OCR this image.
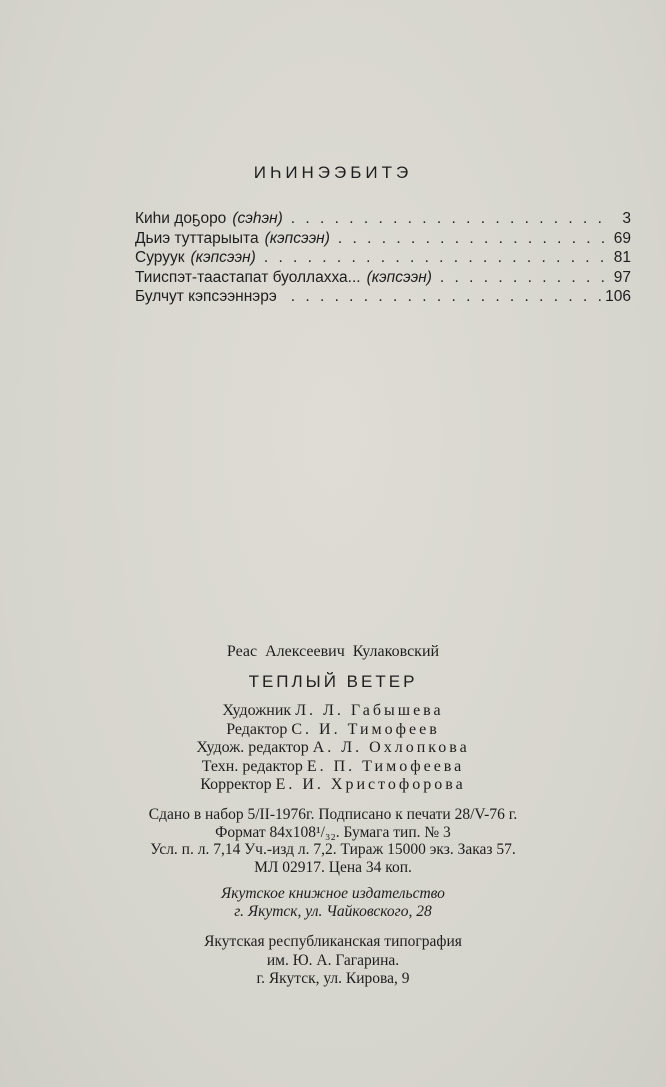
ИҺИНЭЭБИТЭ
Киһи доҕоро (сэһэн) . . .	3
Дьиэ туттарыыта (кэпсээн) . . .	69
Суруук (кэпсээн) . . .	81
Тииспэт-таастапат буоллахха... (кэпсээн) . . .	97
Булчут кэпсээннэрэ . . .	106
Реас Алексеевич Кулаковский
ТЕПЛЫЙ ВЕТЕР
Художник Л. Л. Габышева
Редактор С. И. Тимофеев
Худож. редактор А. Л. Охлопкова
Техн. редактор Е. П. Тимофеева
Корректор Е. И. Христофорова
Сдано в набор 5/II-1976г. Подписано к печати 28/V-76 г.
Формат 84х108¹/₃₂. Бумага тип. № 3
Усл. п. л. 7,14 Уч.-изд л. 7,2. Тираж 15000 экз. Заказ 57.
МЛ 02917. Цена 34 коп.
Якутское книжное издательство
г. Якутск, ул. Чайковского, 28
Якутская республиканская типография
им. Ю. А. Гагарина.
г. Якутск, ул. Кирова, 9
